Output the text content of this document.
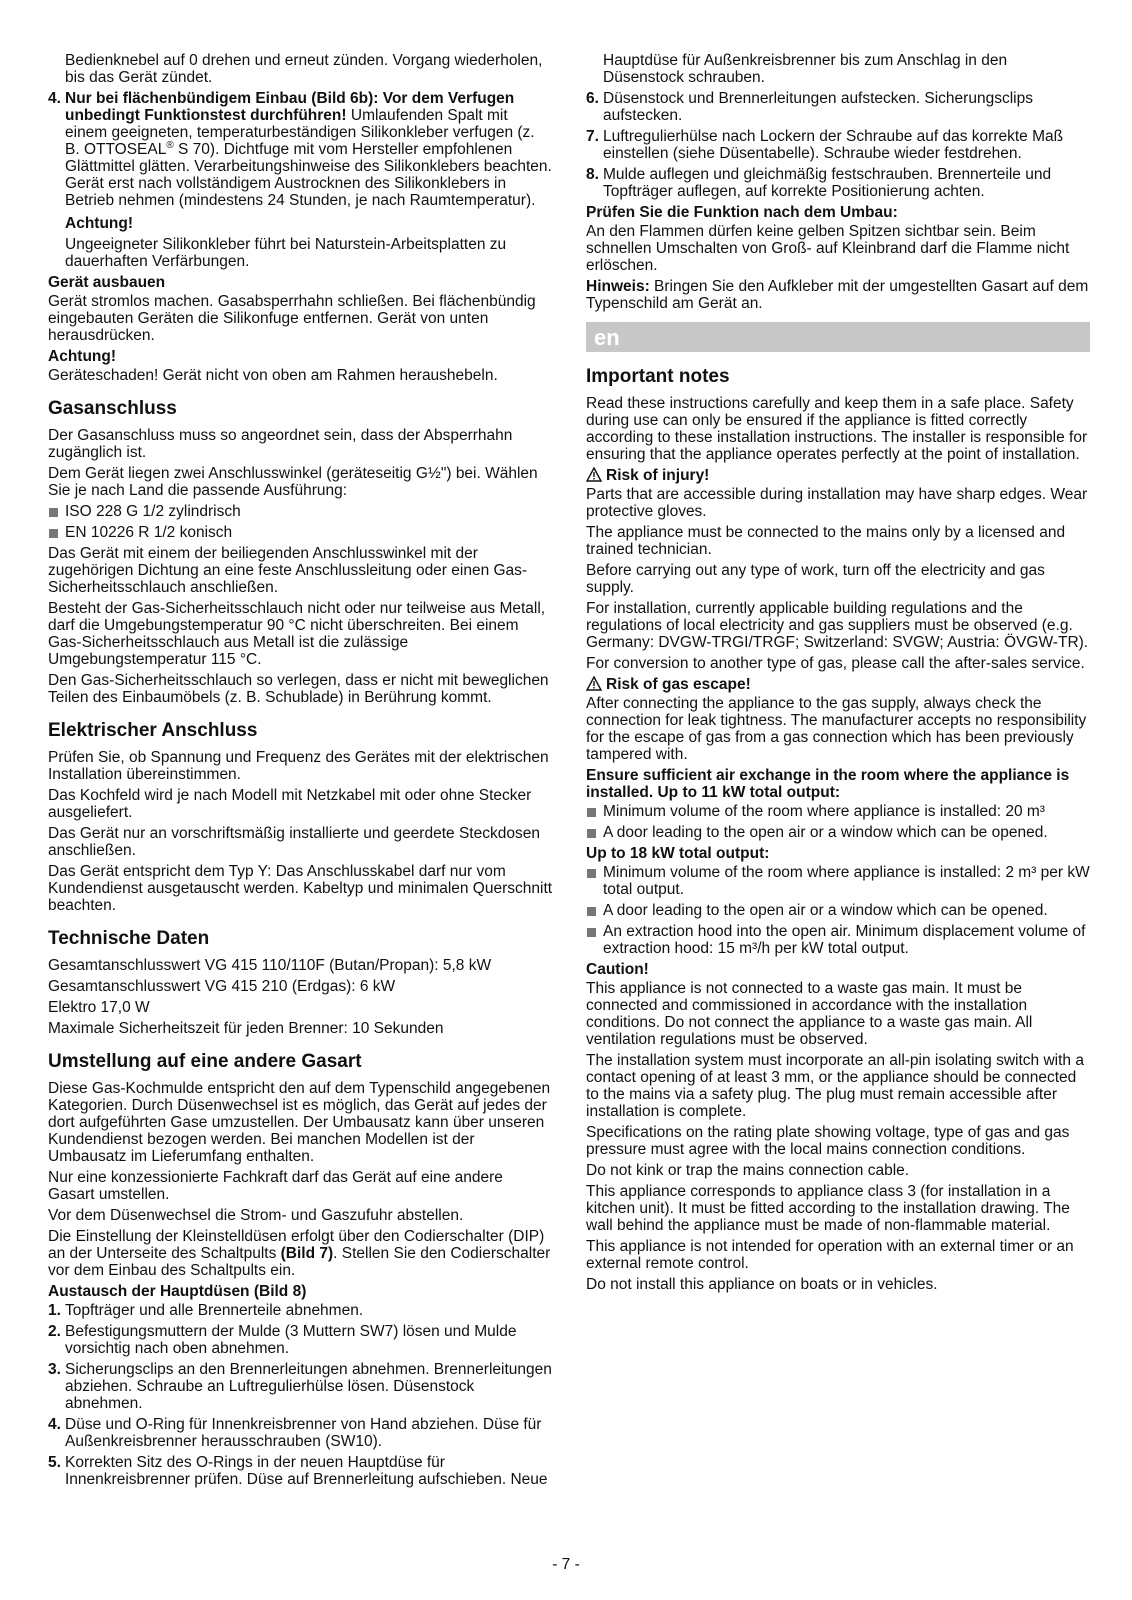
Bedienknebel auf 0 drehen und erneut zünden. Vorgang wiederholen, bis das Gerät zündet.

4. Nur bei flächenbündigem Einbau (Bild 6b): Vor dem Verfugen unbedingt Funktionstest durchführen! Umlaufenden Spalt mit einem geeigneten, temperaturbeständigen Silikonkleber verfugen (z. B. OTTOSEAL® S 70). Dichtfuge mit vom Hersteller empfohlenen Glättmittel glätten. Verarbeitungshinweise des Silikonklebers beachten. Gerät erst nach vollständigem Austrocknen des Silikonklebers in Betrieb nehmen (mindestens 24 Stunden, je nach Raumtemperatur).

Achtung!

Ungeeigneter Silikonkleber führt bei Naturstein-Arbeitsplatten zu dauerhaften Verfärbungen.

Gerät ausbauen

Gerät stromlos machen. Gasabsperrhahn schließen. Bei flächenbündig eingebauten Geräten die Silikonfuge entfernen. Gerät von unten herausdrücken.

Achtung!

Geräteschaden! Gerät nicht von oben am Rahmen heraushebeln.

Gasanschluss

Der Gasanschluss muss so angeordnet sein, dass der Absperrhahn zugänglich ist.

Dem Gerät liegen zwei Anschlusswinkel (geräteseitig G½") bei. Wählen Sie je nach Land die passende Ausführung:

ISO 228 G 1/2 zylindrisch
EN 10226 R 1/2 konisch

Das Gerät mit einem der beiliegenden Anschlusswinkel mit der zugehörigen Dichtung an eine feste Anschlussleitung oder einen Gas-Sicherheitsschlauch anschließen.

Besteht der Gas-Sicherheitsschlauch nicht oder nur teilweise aus Metall, darf die Umgebungstemperatur 90 °C nicht überschreiten. Bei einem Gas-Sicherheitsschlauch aus Metall ist die zulässige Umgebungstemperatur 115 °C.

Den Gas-Sicherheitsschlauch so verlegen, dass er nicht mit beweglichen Teilen des Einbaumöbels (z. B. Schublade) in Berührung kommt.

Elektrischer Anschluss

Prüfen Sie, ob Spannung und Frequenz des Gerätes mit der elektrischen Installation übereinstimmen.

Das Kochfeld wird je nach Modell mit Netzkabel mit oder ohne Stecker ausgeliefert.

Das Gerät nur an vorschriftsmäßig installierte und geerdete Steckdosen anschließen.

Das Gerät entspricht dem Typ Y: Das Anschlusskabel darf nur vom Kundendienst ausgetauscht werden. Kabeltyp und minimalen Querschnitt beachten.

Technische Daten

Gesamtanschlusswert VG 415 110/110F (Butan/Propan): 5,8 kW

Gesamtanschlusswert VG 415 210 (Erdgas): 6 kW

Elektro 17,0 W

Maximale Sicherheitszeit für jeden Brenner: 10 Sekunden

Umstellung auf eine andere Gasart

Diese Gas-Kochmulde entspricht den auf dem Typenschild angegebenen Kategorien. Durch Düsenwechsel ist es möglich, das Gerät auf jedes der dort aufgeführten Gase umzustellen. Der Umbausatz kann über unseren Kundendienst bezogen werden. Bei manchen Modellen ist der Umbausatz im Lieferumfang enthalten.

Nur eine konzessionierte Fachkraft darf das Gerät auf eine andere Gasart umstellen.

Vor dem Düsenwechsel die Strom- und Gaszufuhr abstellen.

Die Einstellung der Kleinstelldüsen erfolgt über den Codierschalter (DIP) an der Unterseite des Schaltpults (Bild 7). Stellen Sie den Codierschalter vor dem Einbau des Schaltpults ein.

Austausch der Hauptdüsen (Bild 8)

1. Topfträger und alle Brennerteile abnehmen.
2. Befestigungsmuttern der Mulde (3 Muttern SW7) lösen und Mulde vorsichtig nach oben abnehmen.
3. Sicherungsclips an den Brennerleitungen abnehmen. Brennerleitungen abziehen. Schraube an Luftregulierhülse lösen. Düsenstock abnehmen.
4. Düse und O-Ring für Innenkreisbrenner von Hand abziehen. Düse für Außenkreisbrenner herausschrauben (SW10).
5. Korrekten Sitz des O-Rings in der neuen Hauptdüse für Innenkreisbrenner prüfen. Düse auf Brennerleitung aufschieben. Neue

Hauptdüse für Außenkreisbrenner bis zum Anschlag in den Düsenstock schrauben.

6. Düsenstock und Brennerleitungen aufstecken. Sicherungsclips aufstecken.
7. Luftregulierhülse nach Lockern der Schraube auf das korrekte Maß einstellen (siehe Düsentabelle). Schraube wieder festdrehen.
8. Mulde auflegen und gleichmäßig festschrauben. Brennerteile und Topfträger auflegen, auf korrekte Positionierung achten.

Prüfen Sie die Funktion nach dem Umbau:

An den Flammen dürfen keine gelben Spitzen sichtbar sein. Beim schnellen Umschalten von Groß- auf Kleinbrand darf die Flamme nicht erlöschen.

Hinweis: Bringen Sie den Aufkleber mit der umgestellten Gasart auf dem Typenschild am Gerät an.

en
Important notes

Read these instructions carefully and keep them in a safe place. Safety during use can only be ensured if the appliance is fitted correctly according to these installation instructions. The installer is responsible for ensuring that the appliance operates perfectly at the point of installation.

Risk of injury!

Parts that are accessible during installation may have sharp edges. Wear protective gloves.

The appliance must be connected to the mains only by a licensed and trained technician.

Before carrying out any type of work, turn off the electricity and gas supply.

For installation, currently applicable building regulations and the regulations of local electricity and gas suppliers must be observed (e.g. Germany: DVGW-TRGI/TRGF; Switzerland: SVGW; Austria: ÖVGW-TR).

For conversion to another type of gas, please call the after-sales service.

Risk of gas escape!

After connecting the appliance to the gas supply, always check the connection for leak tightness. The manufacturer accepts no responsibility for the escape of gas from a gas connection which has been previously tampered with.

Ensure sufficient air exchange in the room where the appliance is installed. Up to 11 kW total output:

Minimum volume of the room where appliance is installed: 20 m³
A door leading to the open air or a window which can be opened.

Up to 18 kW total output:

Minimum volume of the room where appliance is installed: 2 m³ per kW total output.
A door leading to the open air or a window which can be opened.
An extraction hood into the open air. Minimum displacement volume of extraction hood: 15 m³/h per kW total output.

Caution!

This appliance is not connected to a waste gas main. It must be connected and commissioned in accordance with the installation conditions. Do not connect the appliance to a waste gas main. All ventilation regulations must be observed.

The installation system must incorporate an all-pin isolating switch with a contact opening of at least 3 mm, or the appliance should be connected to the mains via a safety plug. The plug must remain accessible after installation is complete.

Specifications on the rating plate showing voltage, type of gas and gas pressure must agree with the local mains connection conditions.

Do not kink or trap the mains connection cable.

This appliance corresponds to appliance class 3 (for installation in a kitchen unit). It must be fitted according to the installation drawing. The wall behind the appliance must be made of non-flammable material.

This appliance is not intended for operation with an external timer or an external remote control.

Do not install this appliance on boats or in vehicles.

- 7 -
